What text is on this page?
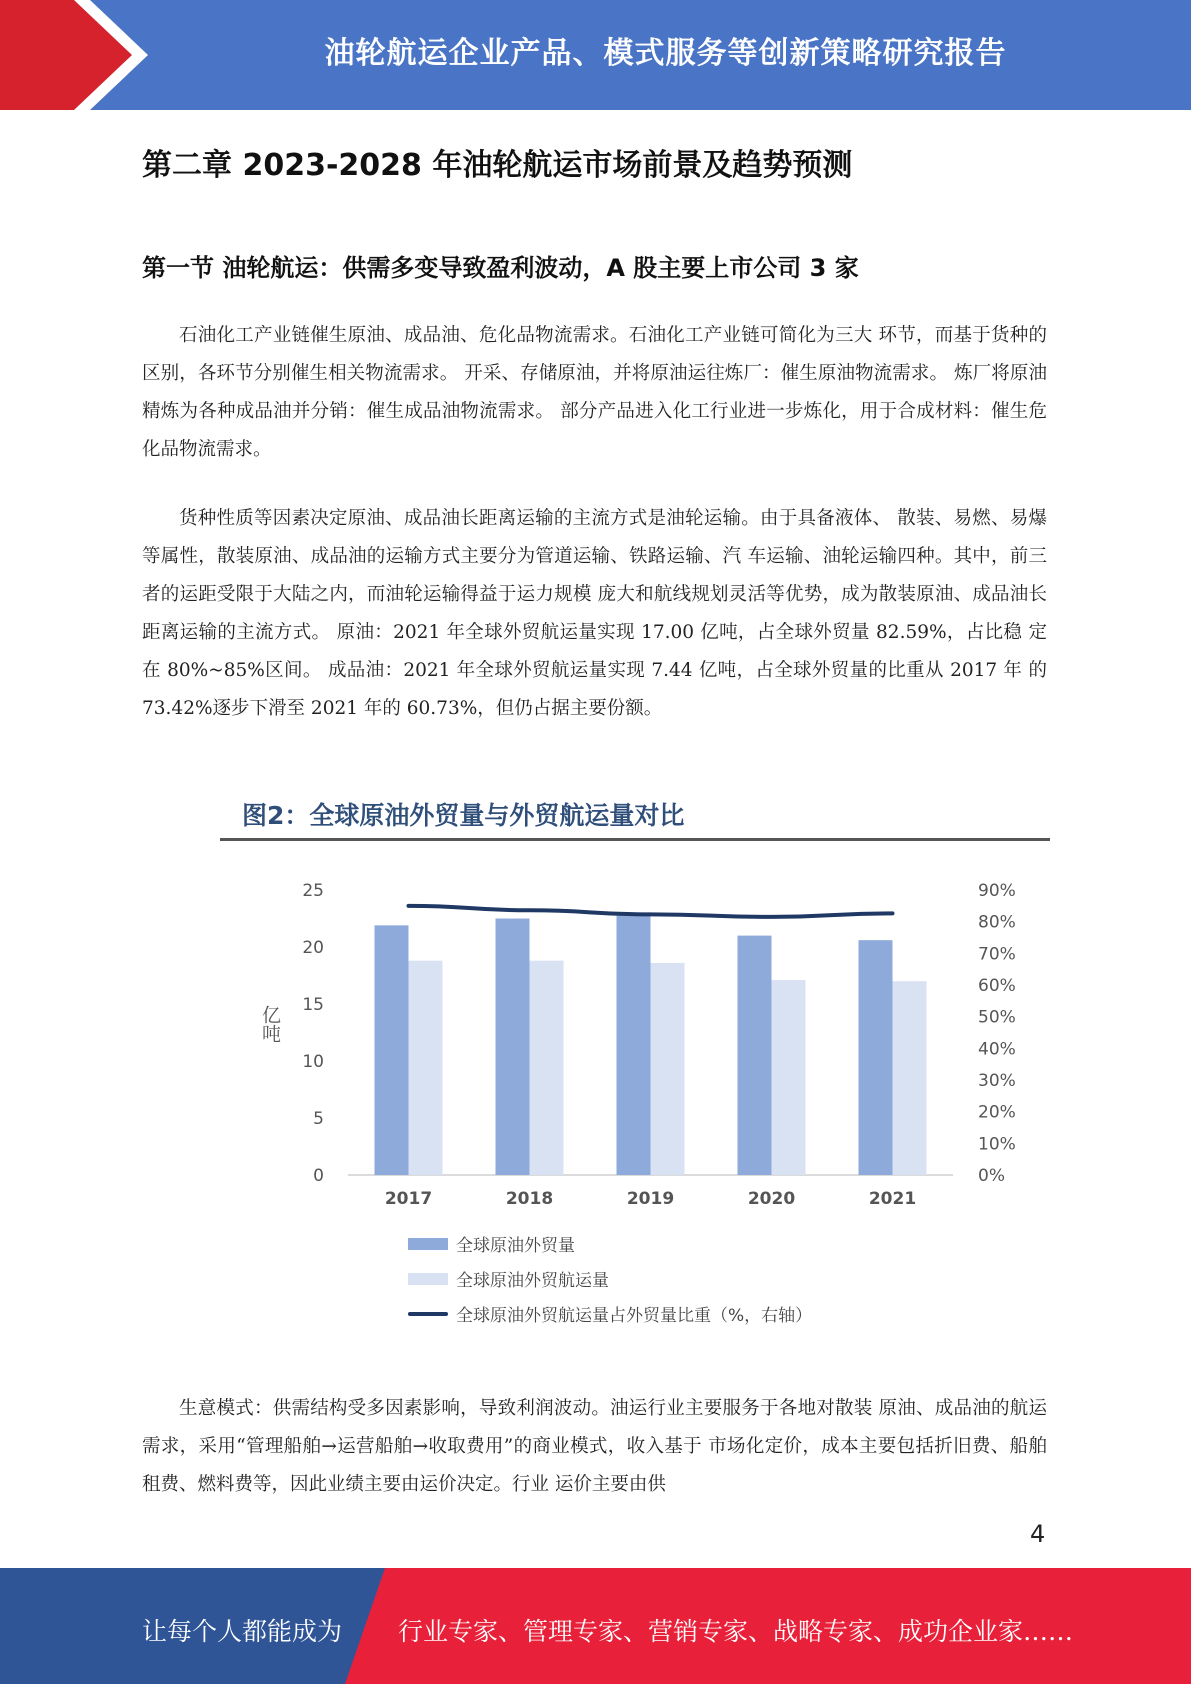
油轮航运企业产品、模式服务等创新策略研究报告
第二章 2023-2028 年油轮航运市场前景及趋势预测
第一节 油轮航运：供需多变导致盈利波动，A 股主要上市公司 3 家

石油化工产业链催生原油、成品油、危化品物流需求。石油化工产业链可简化为三大 环节，而基于货种的区别，各环节分别催生相关物流需求。 开采、存储原油，并将原油运往炼厂：催生原油物流需求。 炼厂将原油精炼为各种成品油并分销：催生成品油物流需求。 部分产品进入化工行业进一步炼化，用于合成材料：催生危化品物流需求。

货种性质等因素决定原油、成品油长距离运输的主流方式是油轮运输。由于具备液体、 散装、易燃、易爆等属性，散装原油、成品油的运输方式主要分为管道运输、铁路运输、汽 车运输、油轮运输四种。其中，前三者的运距受限于大陆之内，而油轮运输得益于运力规模 庞大和航线规划灵活等优势，成为散装原油、成品油长距离运输的主流方式。 原油：2021 年全球外贸航运量实现 17.00 亿吨，占全球外贸量 82.59%，占比稳 定在 80%~85%区间。 成品油：2021 年全球外贸航运量实现 7.44 亿吨，占全球外贸量的比重从 2017 年 的 73.42%逐步下滑至 2021 年的 60.73%，但仍占据主要份额。

0
5
10
15
20
25
0%
10%
20%
30%
40%
50%
60%
70%
80%
90%
亿吨
2017	2018	2019	2020	2021
图2：全球原油外贸量与外贸航运量对比
全球原油外贸量
全球原油外贸航运量
全球原油外贸航运量占外贸量比重（%，右轴）

生意模式：供需结构受多因素影响，导致利润波动。油运行业主要服务于各地对散装 原油、成品油的航运需求，采用“管理船舶→运营船舶→收取费用”的商业模式，收入基于 市场化定价，成本主要包括折旧费、船舶租费、燃料费等，因此业绩主要由运价决定。行业 运价主要由供

4
让每个人都能成为 行业专家、管理专家、营销专家、战略专家、成功企业家……
